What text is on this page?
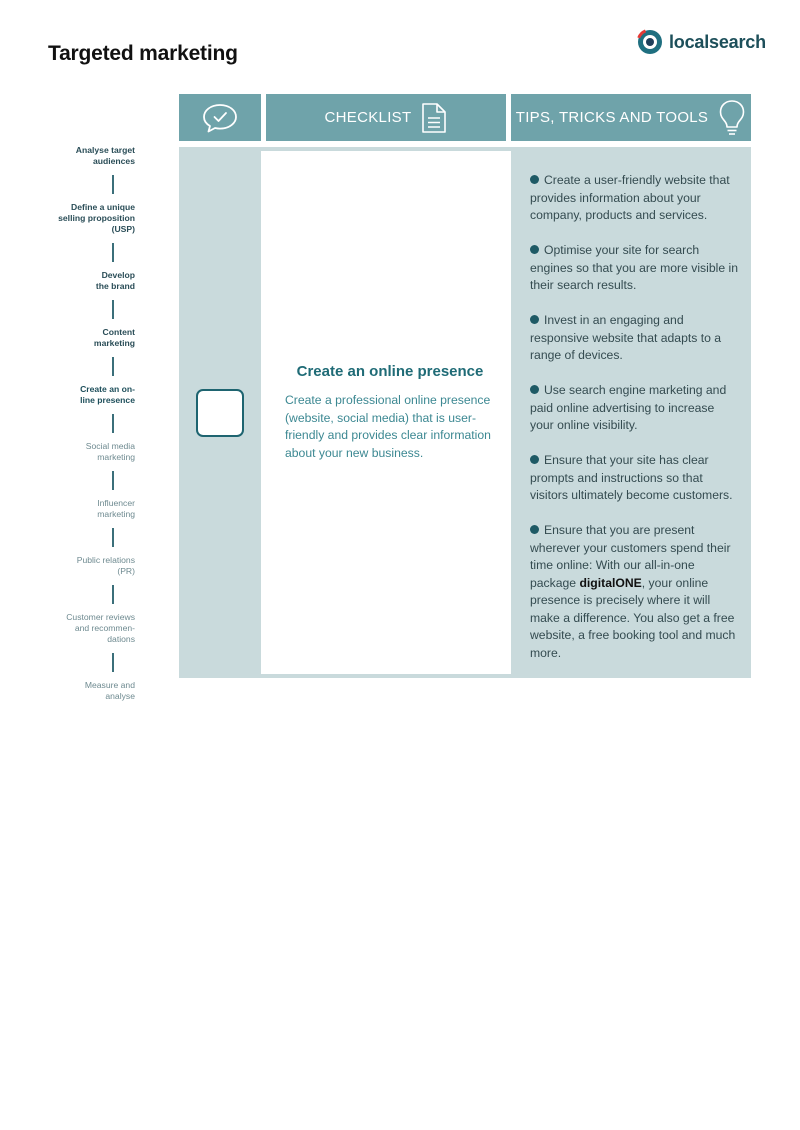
Targeted marketing
localsearch
CHECKLIST	TIPS, TRICKS AND TOOLS
Create an online presence
Create a professional online presence (website, social media) that is user-friendly and provides clear information about your new business.

Create a user-friendly website that provides information about your company, products and services.

Optimise your site for search engines so that you are more visible in their search results.

Invest in an engaging and responsive website that adapts to a range of devices.

Use search engine marketing and paid online advertising to increase your online visibility.

Ensure that your site has clear prompts and instructions so that visitors ultimately become customers.

Ensure that you are present wherever your customers spend their time online: With our all-in-one package digitalONE, your online presence is precisely where it will make a difference. You also get a free website, a free booking tool and much more.

Analyse target
audiences
Define a unique
selling proposition
(USP)
Develop
the brand
Content
marketing
Create an on-
line presence
Social media
marketing
Influencer
marketing
Public relations
(PR)
Customer reviews
and recommen-
dations
Measure and
analyse
